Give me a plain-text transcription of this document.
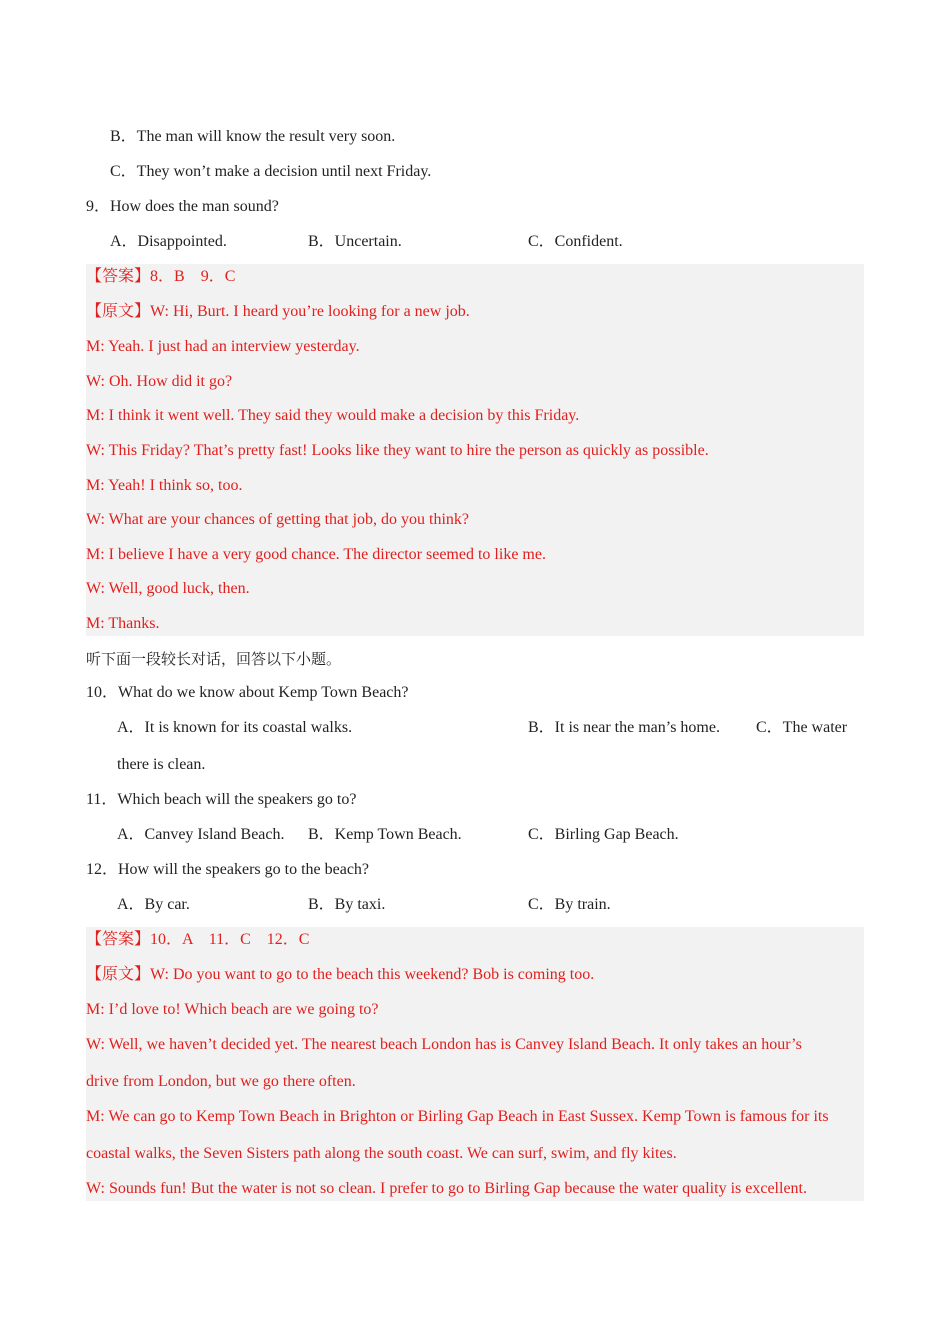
B．The man will know the result very soon.
C．They won’t make a decision until next Friday.
9．How does the man sound?
A．Disappointed.	B．Uncertain.	C．Confident.
【答案】8．B    9．C
【原文】W: Hi, Burt. I heard you’re looking for a new job.
M: Yeah. I just had an interview yesterday.
W: Oh. How did it go?
M: I think it went well. They said they would make a decision by this Friday.
W: This Friday? That’s pretty fast! Looks like they want to hire the person as quickly as possible.
M: Yeah! I think so, too.
W: What are your chances of getting that job, do you think?
M: I believe I have a very good chance. The director seemed to like me.
W: Well, good luck, then.
M: Thanks.
听下面一段较长对话，回答以下小题。
10．What do we know about Kemp Town Beach?
A．It is known for its coastal walks.	B．It is near the man’s home. C．The water
there is clean.
11．Which beach will the speakers go to?
A．Canvey Island Beach. B．Kemp Town Beach.	C．Birling Gap Beach.
12．How will the speakers go to the beach?
A．By car.	B．By taxi.	C．By train.
【答案】10．A    11．C    12．C
【原文】W: Do you want to go to the beach this weekend? Bob is coming too.
M: I’d love to! Which beach are we going to?
W: Well, we haven’t decided yet. The nearest beach London has is Canvey Island Beach. It only takes an hour’s
drive from London, but we go there often.
M: We can go to Kemp Town Beach in Brighton or Birling Gap Beach in East Sussex. Kemp Town is famous for its
coastal walks, the Seven Sisters path along the south coast. We can surf, swim, and fly kites.
W: Sounds fun! But the water is not so clean. I prefer to go to Birling Gap because the water quality is excellent.
